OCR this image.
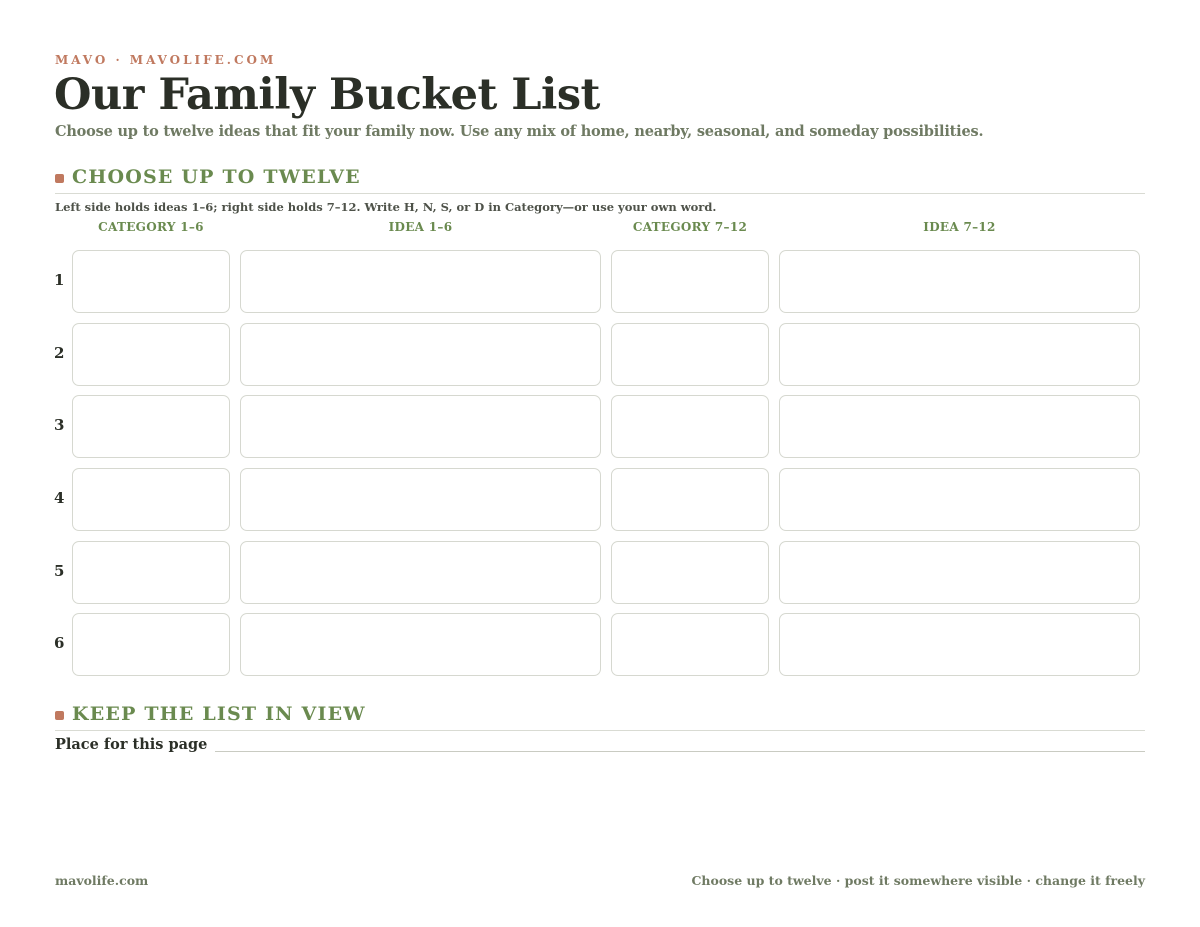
MAVO · MAVOLIFE.COM
Our Family Bucket List
Choose up to twelve ideas that fit your family now. Use any mix of home, nearby, seasonal, and someday possibilities.
CHOOSE UP TO TWELVE
Left side holds ideas 1–6; right side holds 7–12. Write H, N, S, or D in Category—or use your own word.
CATEGORY 1–6	IDEA 1–6	CATEGORY 7–12	IDEA 7–12
1
2
3
4
5
6
KEEP THE LIST IN VIEW
Place for this page
mavolife.com	Choose up to twelve · post it somewhere visible · change it freely
